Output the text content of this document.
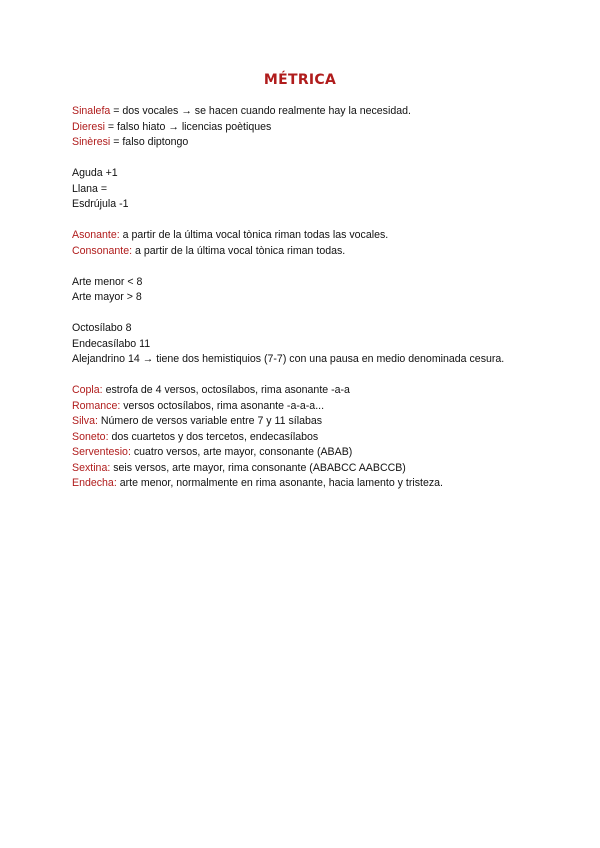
MÉTRICA
Sinalefa = dos vocales → se hacen cuando realmente hay la necesidad.
Dieresi = falso hiato → licencias poètiques
Sinèresi = falso diptongo
Aguda +1
Llana =
Esdrújula -1
Asonante: a partir de la última vocal tònica riman todas las vocales.
Consonante: a partir de la última vocal tònica riman todas.
Arte menor < 8
Arte mayor > 8
Octosílabo 8
Endecasílabo 11
Alejandrino 14 → tiene dos hemistiquios (7-7) con una pausa en medio denominada cesura.
Copla: estrofa de 4 versos, octosílabos, rima asonante -a-a
Romance: versos octosílabos, rima asonante -a-a-a...
Silva: Número de versos variable entre 7 y 11 sílabas
Soneto: dos cuartetos y dos tercetos, endecasílabos
Serventesio: cuatro versos, arte mayor, consonante (ABAB)
Sextina: seis versos, arte mayor, rima consonante (ABABCC AABCCB)
Endecha: arte menor, normalmente en rima asonante, hacia lamento y tristeza.
